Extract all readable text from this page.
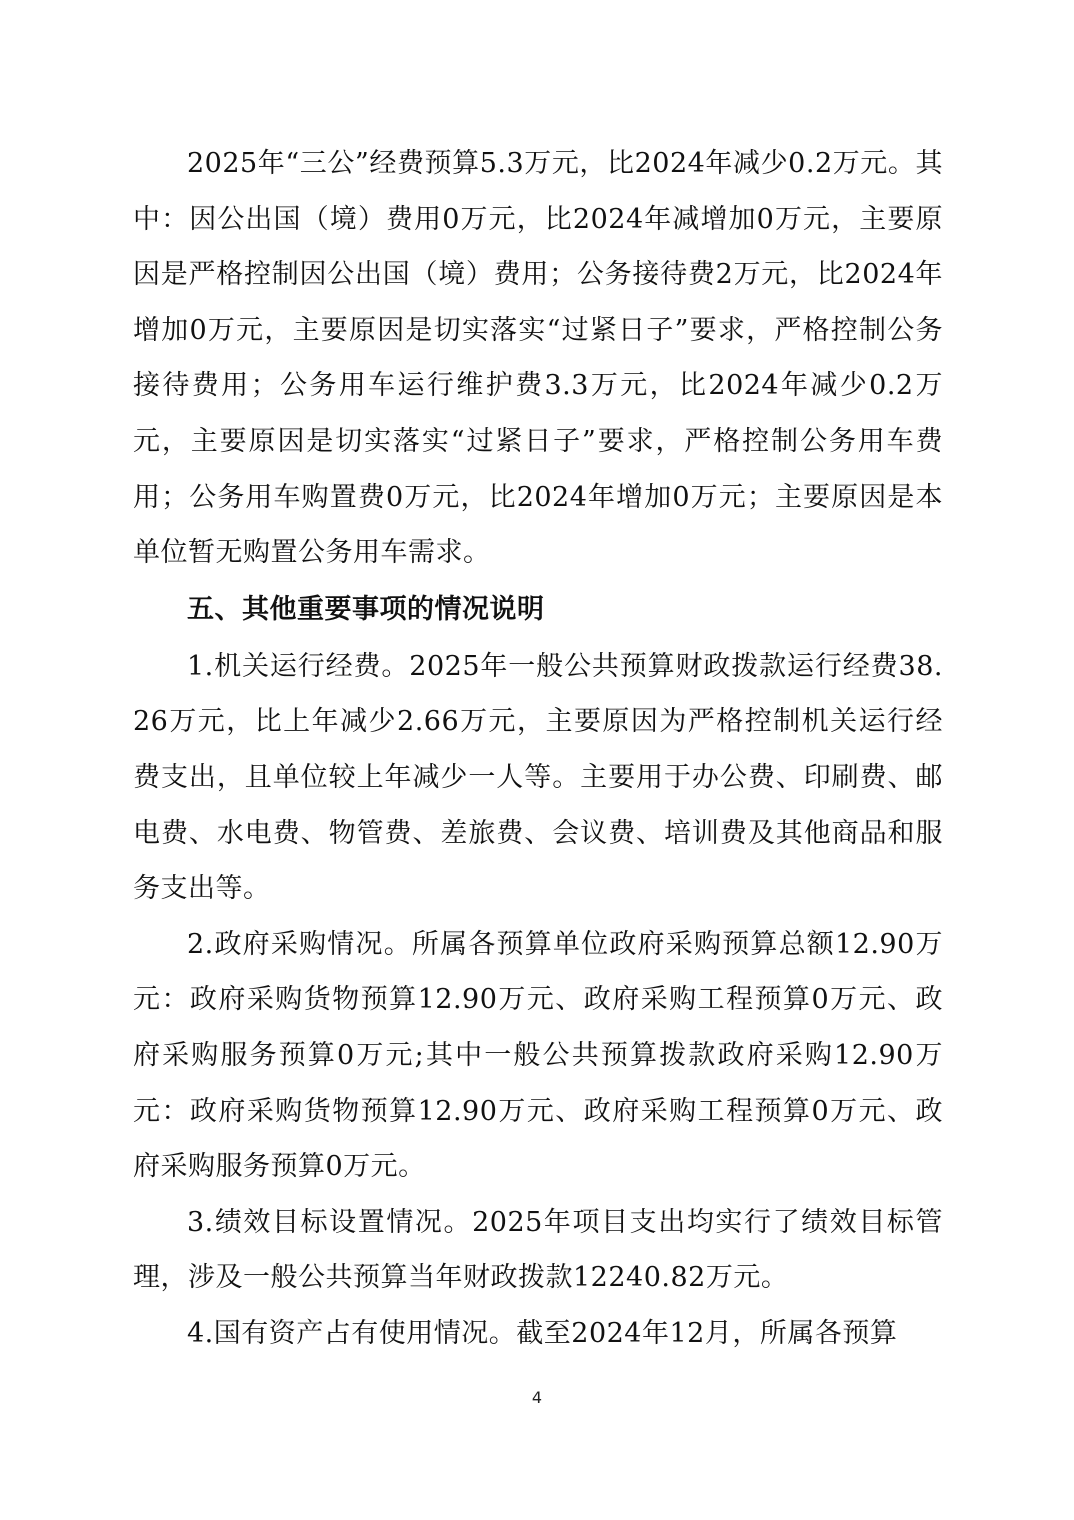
2025年“三公”经费预算5.3万元，比2024年减少0.2万元。其中：因公出国（境）费用0万元，比2024年减增加0万元，主要原因是严格控制因公出国（境）费用；公务接待费2万元，比2024年增加0万元，主要原因是切实落实“过紧日子”要求，严格控制公务接待费用；公务用车运行维护费3.3万元，比2024年减少0.2万元，主要原因是切实落实“过紧日子”要求，严格控制公务用车费用；公务用车购置费0万元，比2024年增加0万元；主要原因是本单位暂无购置公务用车需求。

五、其他重要事项的情况说明

1.机关运行经费。2025年一般公共预算财政拨款运行经费38.26万元，比上年减少2.66万元，主要原因为严格控制机关运行经费支出，且单位较上年减少一人等。主要用于办公费、印刷费、邮电费、水电费、物管费、差旅费、会议费、培训费及其他商品和服务支出等。

2.政府采购情况。所属各预算单位政府采购预算总额12.90万元：政府采购货物预算12.90万元、政府采购工程预算0万元、政府采购服务预算0万元;其中一般公共预算拨款政府采购12.90万元：政府采购货物预算12.90万元、政府采购工程预算0万元、政府采购服务预算0万元。

3.绩效目标设置情况。2025年项目支出均实行了绩效目标管理，涉及一般公共预算当年财政拨款12240.82万元。

4.国有资产占有使用情况。截至2024年12月，所属各预算

4
